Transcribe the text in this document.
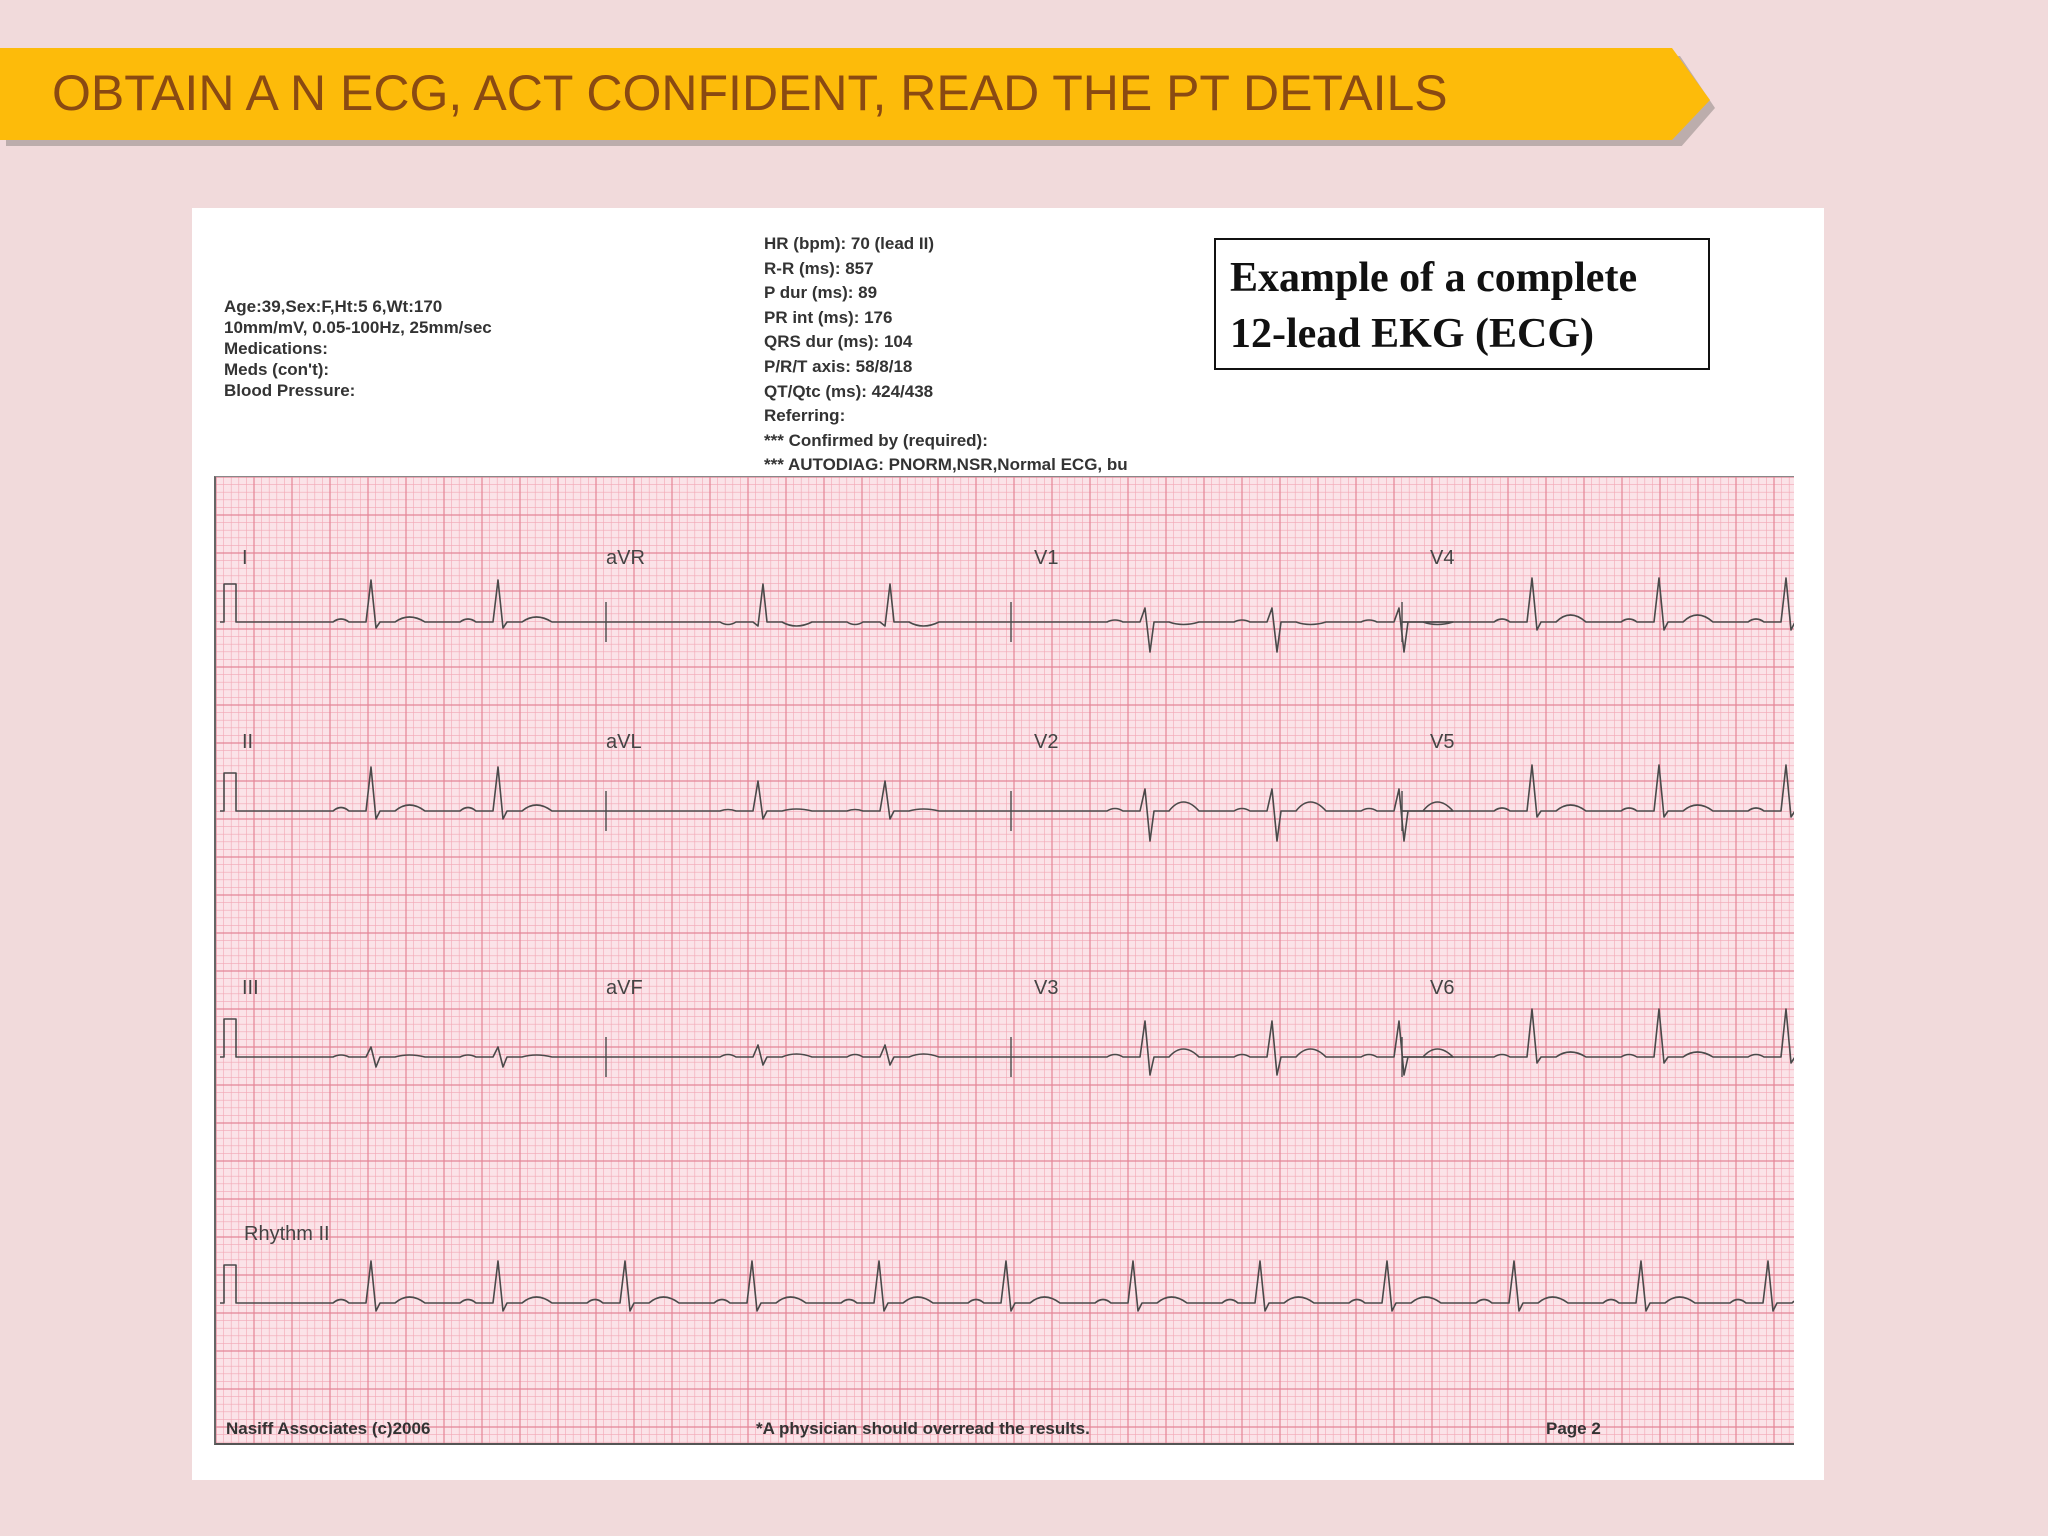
OBTAIN A N ECG, ACT CONFIDENT, READ THE PT DETAILS
Age:39,Sex:F,Ht:5 6,Wt:170
10mm/mV, 0.05-100Hz, 25mm/sec
Medications:
Meds (con't):
Blood Pressure:
HR (bpm): 70 (lead II)
R-R (ms): 857
P dur (ms): 89
PR int (ms): 176
QRS dur (ms): 104
P/R/T axis: 58/8/18
QT/Qtc (ms): 424/438
Referring:
*** Confirmed by (required):
*** AUTODIAG: PNORM,NSR,Normal ECG, bu
Example of a complete
12-lead EKG (ECG)
I	aVR	V1	V4
II	aVL	V2	V5
III	aVF	V3	V6
Rhythm II
Nasiff Associates (c)2006	*A physician should overread the results.	Page 2
